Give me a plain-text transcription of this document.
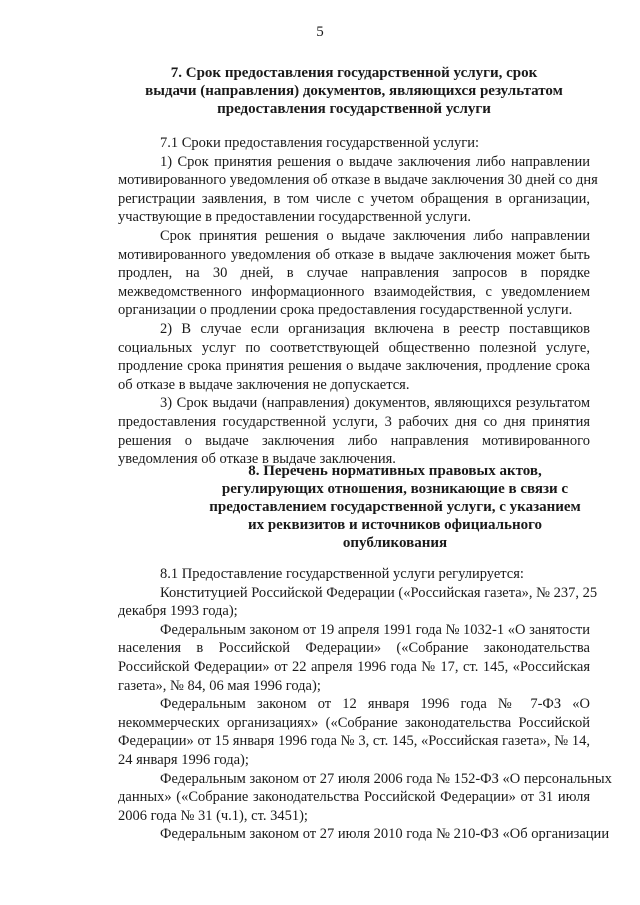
5
7. Срок предоставления государственной услуги, срок
выдачи (направления) документов, являющихся результатом
предоставления государственной услуги
7.1 Сроки предоставления государственной услуги:
1) Срок принятия решения о выдаче заключения либо направлении
мотивированного уведомления об отказе в выдаче заключения 30 дней со дня
регистрации заявления, в том числе с учетом обращения в организации,
участвующие в предоставлении государственной услуги.
Срок принятия решения о выдаче заключения либо направлении
мотивированного уведомления об отказе в выдаче заключения может быть
продлен, на 30 дней, в случае направления запросов в порядке
межведомственного информационного взаимодействия, с уведомлением
организации о продлении срока предоставления государственной услуги.
2) В случае если организация включена в реестр поставщиков
социальных услуг по соответствующей общественно полезной услуге,
продление срока принятия решения о выдаче заключения, продление срока
об отказе в выдаче заключения не допускается.
3) Срок выдачи (направления) документов, являющихся результатом
предоставления государственной услуги, 3 рабочих дня со дня принятия
решения о выдаче заключения либо направления мотивированного
уведомления об отказе в выдаче заключения.
8. Перечень нормативных правовых актов,
регулирующих отношения, возникающие в связи с
предоставлением государственной услуги, с указанием
их реквизитов и источников официального
опубликования
8.1 Предоставление государственной услуги регулируется:
Конституцией Российской Федерации («Российская газета», № 237, 25
декабря 1993 года);
Федеральным законом от 19 апреля 1991 года № 1032-1 «О занятости
населения в Российской Федерации» («Собрание законодательства
Российской Федерации» от 22 апреля 1996 года № 17, ст. 145, «Российская
газета», № 84, 06 мая 1996 года);
Федеральным законом от 12 января 1996 года № 7-ФЗ «О
некоммерческих организациях» («Собрание законодательства Российской
Федерации» от 15 января 1996 года № 3, ст. 145, «Российская газета», № 14,
24 января 1996 года);
Федеральным законом от 27 июля 2006 года № 152-ФЗ «О персональных
данных» («Собрание законодательства Российской Федерации» от 31 июля
2006 года № 31 (ч.1), ст. 3451);
Федеральным законом от 27 июля 2010 года № 210-ФЗ «Об организации
